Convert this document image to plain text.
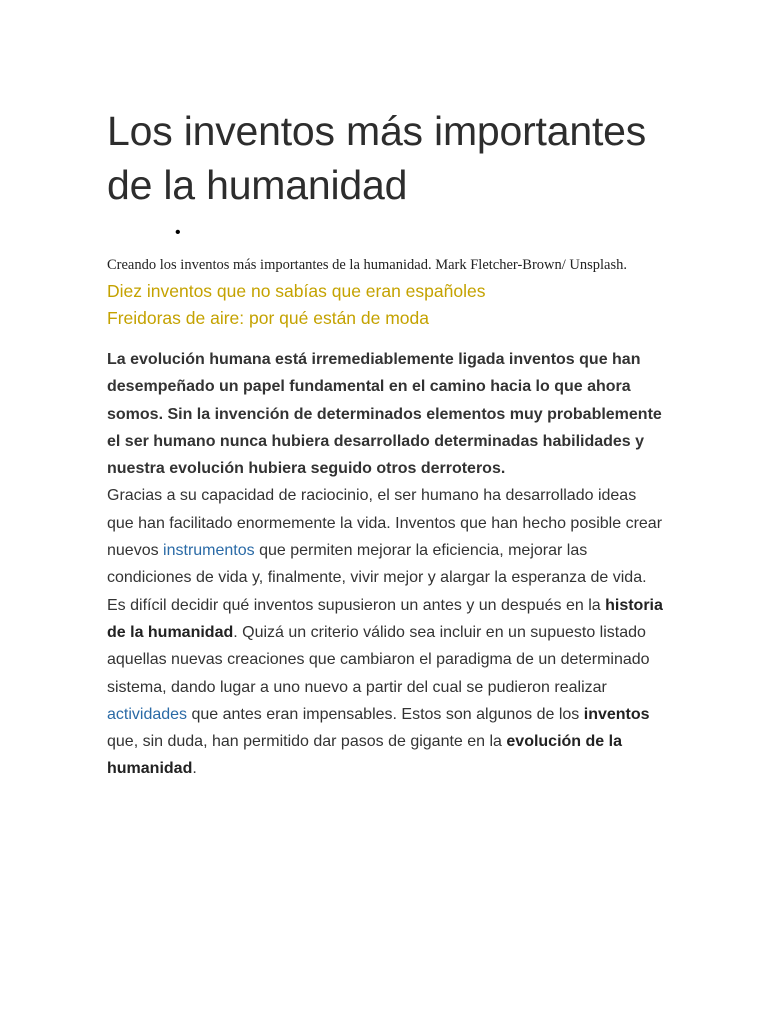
Los inventos más importantes de la humanidad
•
Creando los inventos más importantes de la humanidad. Mark Fletcher-Brown/ Unsplash.
Diez inventos que no sabías que eran españoles
Freidoras de aire: por qué están de moda

La evolución humana está irremediablemente ligada inventos que han desempeñado un papel fundamental en el camino hacia lo que ahora somos. Sin la invención de determinados elementos muy probablemente el ser humano nunca hubiera desarrollado determinadas habilidades y nuestra evolución hubiera seguido otros derroteros.

Gracias a su capacidad de raciocinio, el ser humano ha desarrollado ideas que han facilitado enormemente la vida. Inventos que han hecho posible crear nuevos instrumentos que permiten mejorar la eficiencia, mejorar las condiciones de vida y, finalmente, vivir mejor y alargar la esperanza de vida.

Es difícil decidir qué inventos supusieron un antes y un después en la historia de la humanidad. Quizá un criterio válido sea incluir en un supuesto listado aquellas nuevas creaciones que cambiaron el paradigma de un determinado sistema, dando lugar a uno nuevo a partir del cual se pudieron realizar actividades que antes eran impensables. Estos son algunos de los inventos que, sin duda, han permitido dar pasos de gigante en la evolución de la humanidad.
